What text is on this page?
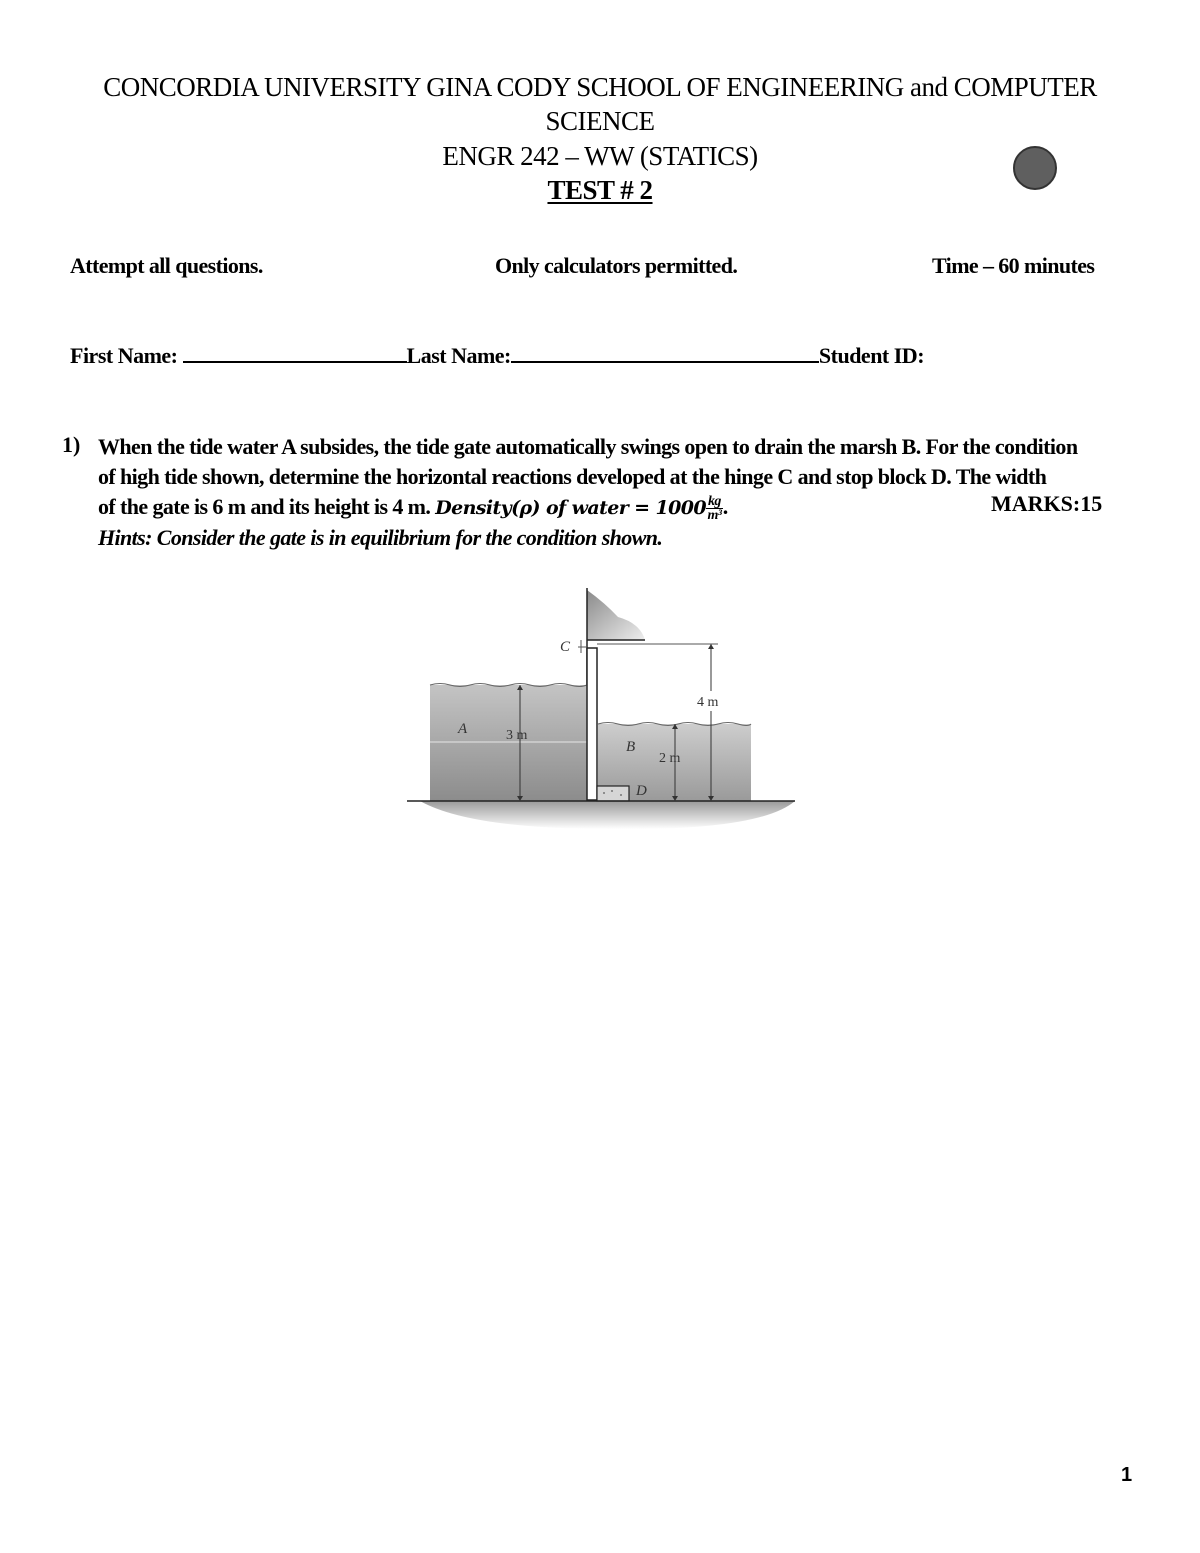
CONCORDIA UNIVERSITY GINA CODY SCHOOL OF ENGINEERING and COMPUTER
SCIENCE
ENGR 242 – WW (STATICS)
TEST # 2
Attempt all questions.	Only calculators permitted.	Time – 60 minutes
First Name:	Last Name:	Student ID:
1) When the tide water A subsides, the tide gate automatically swings open to drain the marsh B. For the condition
of high tide shown, determine the horizontal reactions developed at the hinge C and stop block D. The width
of the gate is 6 m and its height is 4 m. Density(ρ) of water = $1000 \frac{kg}{\text{m³}}$ .
Hints: Consider the gate is in equilibrium for the condition shown.
MARKS:15
C
D
4 m
3 m
A
2 m
B
1
